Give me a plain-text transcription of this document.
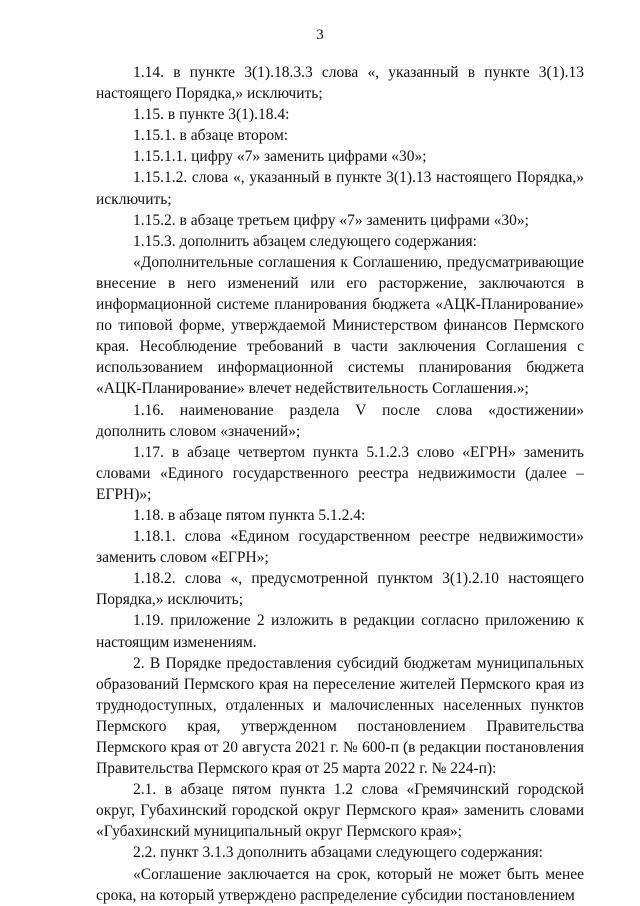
3

1.14. в пункте 3(1).18.3.3 слова «, указанный в пункте 3(1).13 настоящего Порядка,» исключить;

1.15. в пункте 3(1).18.4:

1.15.1. в абзаце втором:

1.15.1.1. цифру «7» заменить цифрами «30»;

1.15.1.2. слова «, указанный в пункте 3(1).13 настоящего Порядка,» исключить;

1.15.2. в абзаце третьем цифру «7» заменить цифрами «30»;

1.15.3. дополнить абзацем следующего содержания:

«Дополнительные соглашения к Соглашению, предусматривающие внесение в него изменений или его расторжение, заключаются в информационной системе планирования бюджета «АЦК-Планирование» по типовой форме, утверждаемой Министерством финансов Пермского края. Несоблюдение требований в части заключения Соглашения с использованием информационной системы планирования бюджета «АЦК-Планирование» влечет недействительность Соглашения.»;

1.16. наименование раздела V после слова «достижении» дополнить словом «значений»;

1.17. в абзаце четвертом пункта 5.1.2.3 слово «ЕГРН» заменить словами «Единого государственного реестра недвижимости (далее – ЕГРН)»;

1.18. в абзаце пятом пункта 5.1.2.4:

1.18.1. слова «Едином государственном реестре недвижимости» заменить словом «ЕГРН»;

1.18.2. слова «, предусмотренной пунктом 3(1).2.10 настоящего Порядка,» исключить;

1.19. приложение 2 изложить в редакции согласно приложению к настоящим изменениям.

2. В Порядке предоставления субсидий бюджетам муниципальных образований Пермского края на переселение жителей Пермского края из труднодоступных, отдаленных и малочисленных населенных пунктов Пермского края, утвержденном постановлением Правительства Пермского края от 20 августа 2021 г. № 600-п (в редакции постановления Правительства Пермского края от 25 марта 2022 г. № 224-п):

2.1. в абзаце пятом пункта 1.2 слова «Гремячинский городской округ, Губахинский городской округ Пермского края» заменить словами «Губахинский муниципальный округ Пермского края»;

2.2. пункт 3.1.3 дополнить абзацами следующего содержания:

«Соглашение заключается на срок, который не может быть менее срока, на который утверждено распределение субсидии постановлением
